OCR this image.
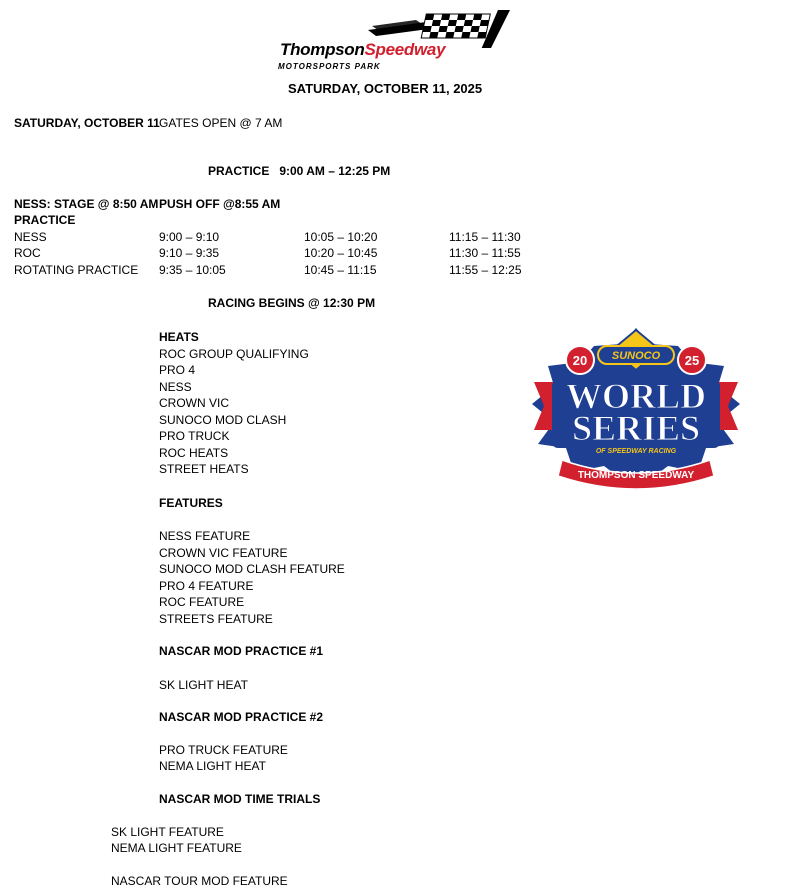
ThompsonSpeedway
MOTORSPORTS PARK
SATURDAY, OCTOBER 11, 2025
SATURDAY, OCTOBER 11 GATES OPEN @ 7 AM
PRACTICE   9:00 AM – 12:25 PM
NESS: STAGE @ 8:50 AM PUSH OFF @8:55 AM
PRACTICE
NESS	9:00 – 9:10	10:05 – 10:20	11:15 – 11:30
ROC	9:10 – 9:35	10:20 – 10:45	11:30 – 11:55
ROTATING PRACTICE 9:35 – 10:05	10:45 – 11:15	11:55 – 12:25
RACING BEGINS @ 12:30 PM
HEATS
ROC GROUP QUALIFYING
PRO 4
NESS
CROWN VIC
SUNOCO MOD CLASH
PRO TRUCK
ROC HEATS
STREET HEATS
FEATURES
NESS FEATURE
CROWN VIC FEATURE
SUNOCO MOD CLASH FEATURE
PRO 4 FEATURE
ROC FEATURE
STREETS FEATURE
NASCAR MOD PRACTICE #1
SK LIGHT HEAT
NASCAR MOD PRACTICE #2
PRO TRUCK FEATURE
NEMA LIGHT HEAT
NASCAR MOD TIME TRIALS
SK LIGHT FEATURE
NEMA LIGHT FEATURE
NASCAR TOUR MOD FEATURE
20	25
SUNOCO
WORLD
SERIES
OF SPEEDWAY RACING
THOMPSON SPEEDWAY
